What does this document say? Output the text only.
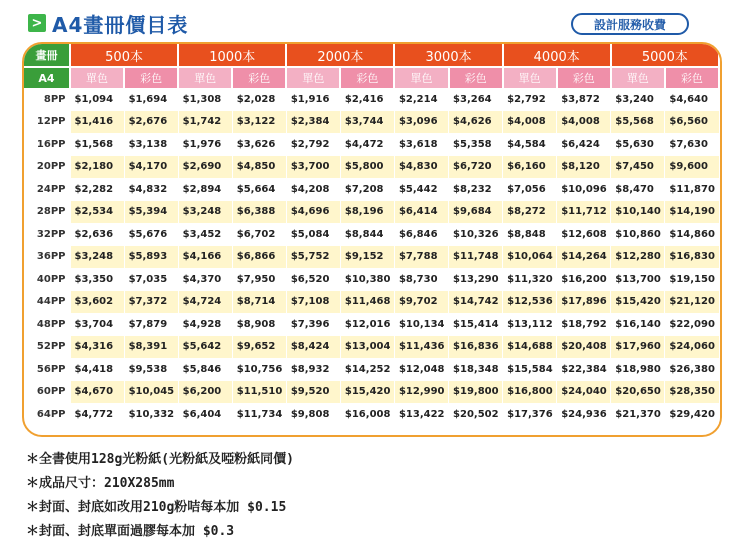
> A4畫冊價目表	設計服務收費
畫冊	500本		1000本		2000本		3000本		4000本		5000本	
A4	單色	彩色	單色	彩色	單色	彩色	單色	彩色	單色	彩色	單色	彩色
8PP	$1,094	$1,694	$1,308	$2,028	$1,916	$2,416	$2,214	$3,264	$2,792	$3,872	$3,240	$4,640
12PP	$1,416	$2,676	$1,742	$3,122	$2,384	$3,744	$3,096	$4,626	$4,008	$4,008	$5,568	$6,560
16PP	$1,568	$3,138	$1,976	$3,626	$2,792	$4,472	$3,618	$5,358	$4,584	$6,424	$5,630	$7,630
20PP	$2,180	$4,170	$2,690	$4,850	$3,700	$5,800	$4,830	$6,720	$6,160	$8,120	$7,450	$9,600
24PP	$2,282	$4,832	$2,894	$5,664	$4,208	$7,208	$5,442	$8,232	$7,056	$10,096	$8,470	$11,870
28PP	$2,534	$5,394	$3,248	$6,388	$4,696	$8,196	$6,414	$9,684	$8,272	$11,712	$10,140	$14,190
32PP	$2,636	$5,676	$3,452	$6,702	$5,084	$8,844	$6,846	$10,326	$8,848	$12,608	$10,860	$14,860
36PP	$3,248	$5,893	$4,166	$6,866	$5,752	$9,152	$7,788	$11,748	$10,064	$14,264	$12,280	$16,830
40PP	$3,350	$7,035	$4,370	$7,950	$6,520	$10,380	$8,730	$13,290	$11,320	$16,200	$13,700	$19,150
44PP	$3,602	$7,372	$4,724	$8,714	$7,108	$11,468	$9,702	$14,742	$12,536	$17,896	$15,420	$21,120
48PP	$3,704	$7,879	$4,928	$8,908	$7,396	$12,016	$10,134	$15,414	$13,112	$18,792	$16,140	$22,090
52PP	$4,316	$8,391	$5,642	$9,652	$8,424	$13,004	$11,436	$16,836	$14,688	$20,408	$17,960	$24,060
56PP	$4,418	$9,538	$5,846	$10,756	$8,932	$14,252	$12,048	$18,348	$15,584	$22,384	$18,980	$26,380
60PP	$4,670	$10,045	$6,200	$11,510	$9,520	$15,420	$12,990	$19,800	$16,800	$24,040	$20,650	$28,350
64PP	$4,772	$10,332	$6,404	$11,734	$9,808	$16,008	$13,422	$20,502	$17,376	$24,936	$21,370	$29,420
＊全書使用128g光粉紙(光粉紙及啞粉紙同價)
＊成品尺寸：210X285mm
＊封面、封底如改用210g粉咭每本加 $0.15
＊封面、封底單面過膠每本加 $0.3
